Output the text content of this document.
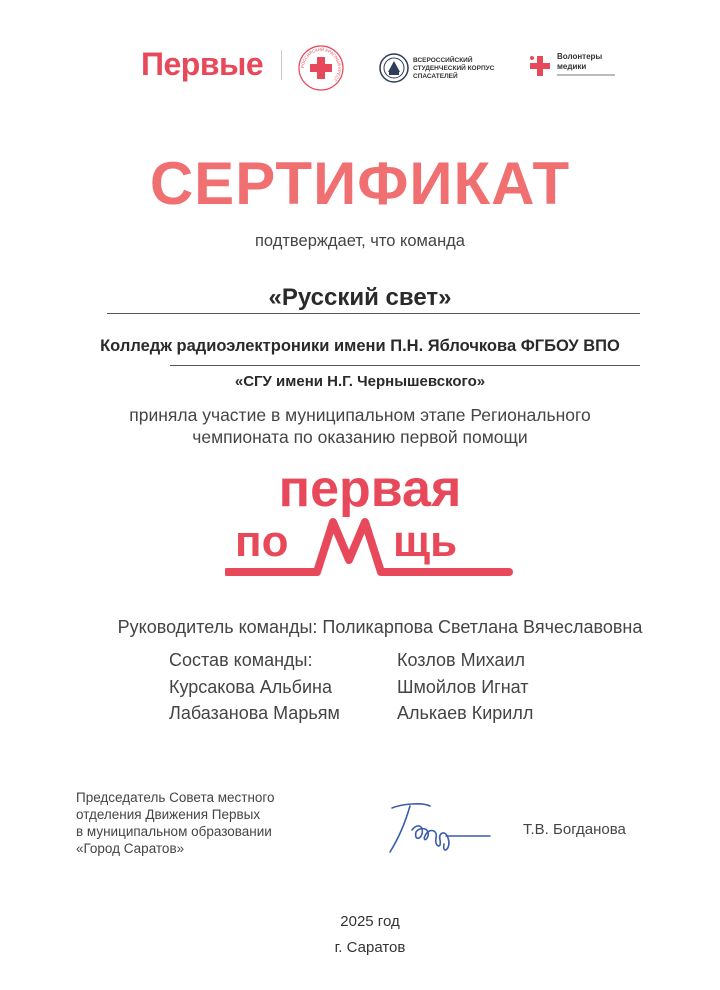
Первые	РОССИЙСКИЙ КРАСНЫЙ КРЕСТ
ВСЕРОССИЙСКИЙ СТУДЕНЧЕСКИЙ КОРПУС СПАСАТЕЛЕЙ
Волонтеры
медики
СЕРТИФИКАТ
подтверждает, что команда
«Русский свет»
Колледж радиоэлектроники имени П.Н. Яблочкова ФГБОУ ВПО
«СГУ имени Н.Г. Чернышевского»
приняла участие в муниципальном этапе Регионального
чемпионата по оказанию первой помощи
первая
по щь
Руководитель команды: Поликарпова Светлана Вячеславовна
Состав команды:
Курсакова Альбина
Лабазанова Марьям
Козлов Михаил
Шмойлов Игнат
Алькаев Кирилл
Председатель Совета местного
отделения Движения Первых
в муниципальном образовании
«Город Саратов»
Т.В. Богданова
2025 год
г. Саратов
